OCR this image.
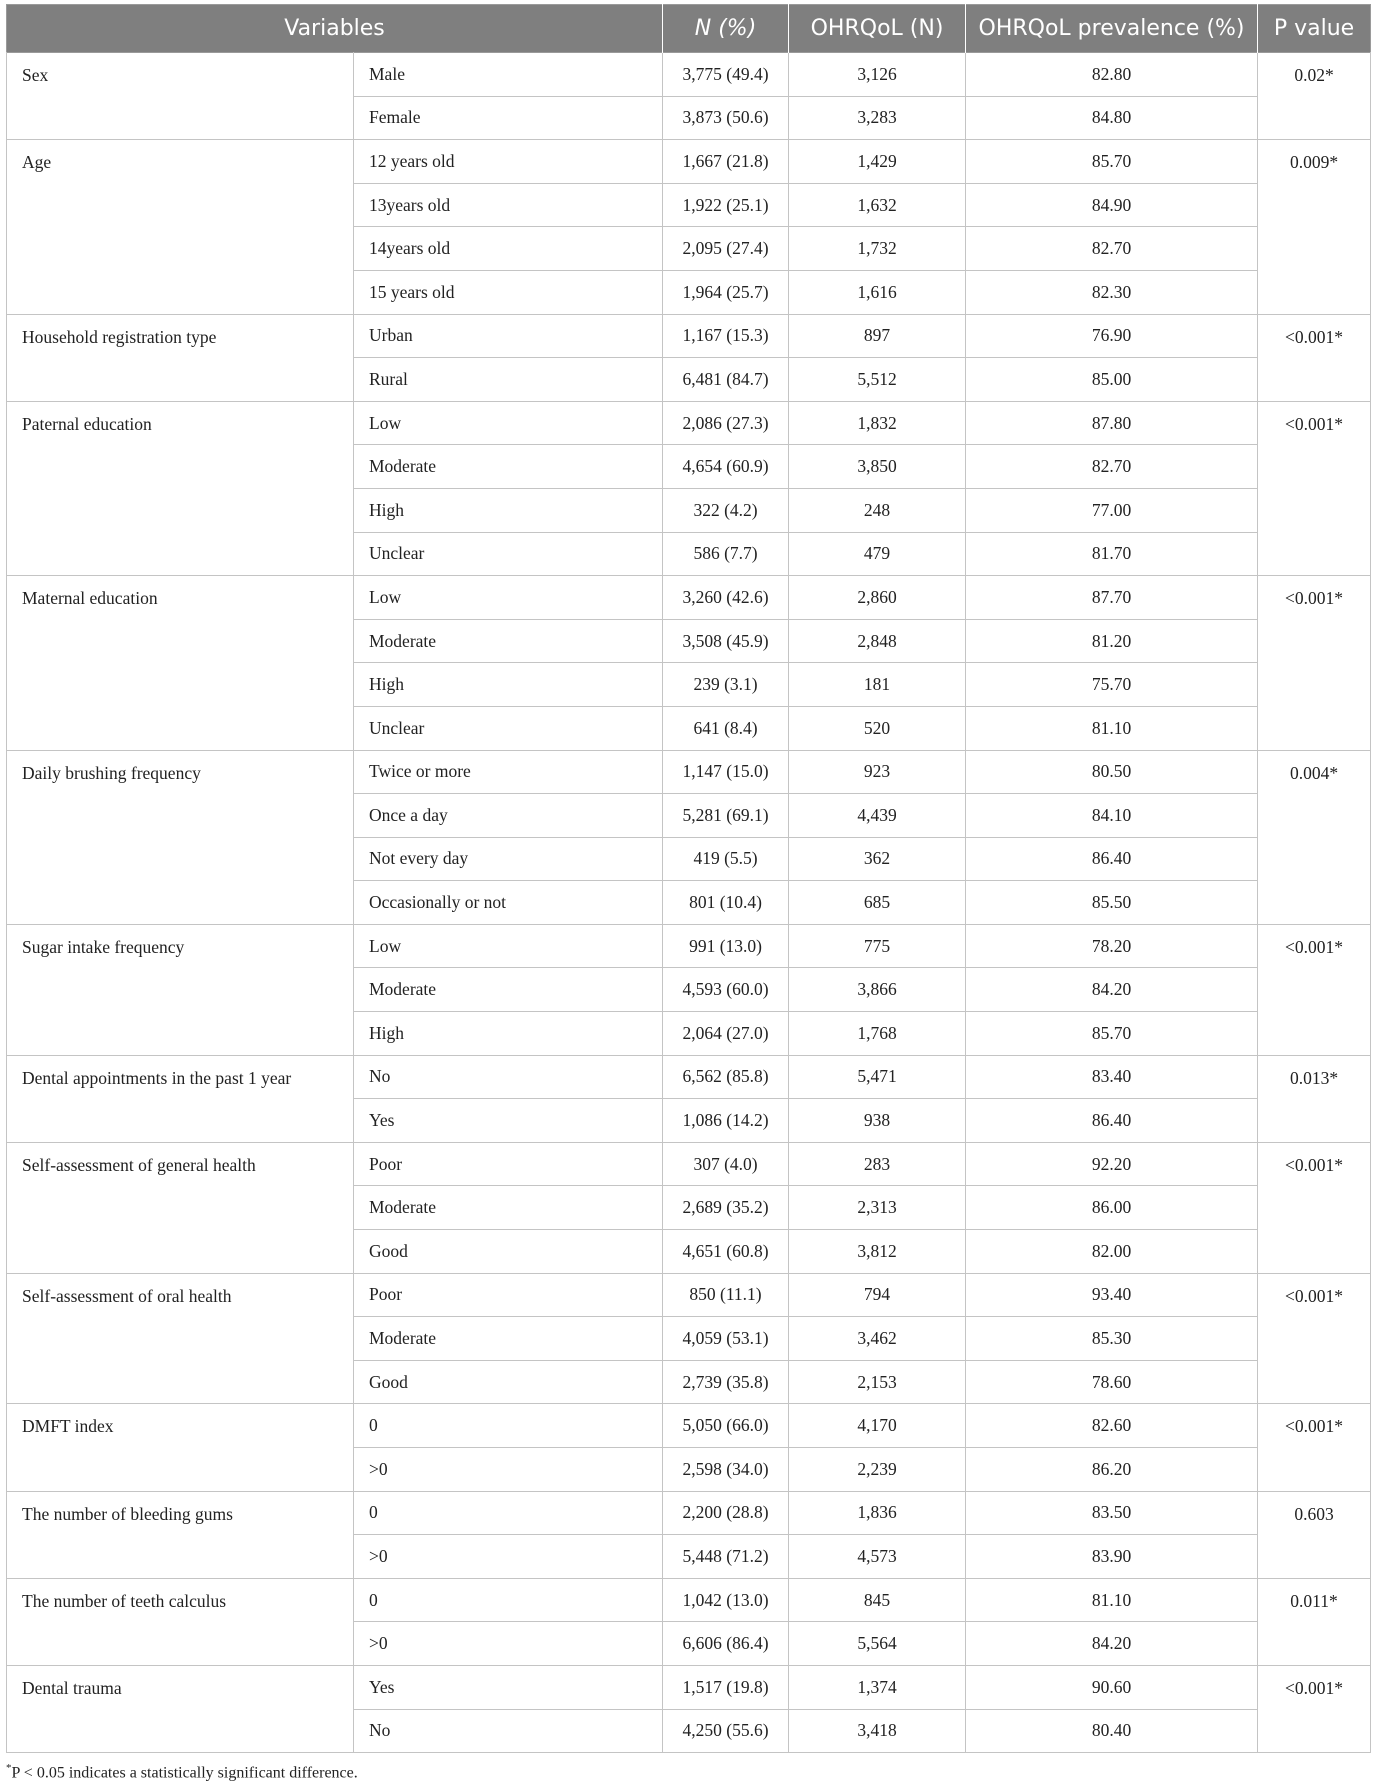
Variables		N (%)	OHRQoL (N)	OHRQoL prevalence (%)	P value
Sex	Male	3,775 (49.4)	3,126	82.80	0.02*
	Female	3,873 (50.6)	3,283	84.80	
Age	12 years old	1,667 (21.8)	1,429	85.70	0.009*
	13years old	1,922 (25.1)	1,632	84.90	
	14years old	2,095 (27.4)	1,732	82.70	
	15 years old	1,964 (25.7)	1,616	82.30	
Household registration type	Urban	1,167 (15.3)	897	76.90	<0.001*
	Rural	6,481 (84.7)	5,512	85.00	
Paternal education	Low	2,086 (27.3)	1,832	87.80	<0.001*
	Moderate	4,654 (60.9)	3,850	82.70	
	High	322 (4.2)	248	77.00	
	Unclear	586 (7.7)	479	81.70	
Maternal education	Low	3,260 (42.6)	2,860	87.70	<0.001*
	Moderate	3,508 (45.9)	2,848	81.20	
	High	239 (3.1)	181	75.70	
	Unclear	641 (8.4)	520	81.10	
Daily brushing frequency	Twice or more	1,147 (15.0)	923	80.50	0.004*
	Once a day	5,281 (69.1)	4,439	84.10	
	Not every day	419 (5.5)	362	86.40	
	Occasionally or not	801 (10.4)	685	85.50	
Sugar intake frequency	Low	991 (13.0)	775	78.20	<0.001*
	Moderate	4,593 (60.0)	3,866	84.20	
	High	2,064 (27.0)	1,768	85.70	
Dental appointments in the past 1 year	No	6,562 (85.8)	5,471	83.40	0.013*
	Yes	1,086 (14.2)	938	86.40	
Self-assessment of general health	Poor	307 (4.0)	283	92.20	<0.001*
	Moderate	2,689 (35.2)	2,313	86.00	
	Good	4,651 (60.8)	3,812	82.00	
Self-assessment of oral health	Poor	850 (11.1)	794	93.40	<0.001*
	Moderate	4,059 (53.1)	3,462	85.30	
	Good	2,739 (35.8)	2,153	78.60	
DMFT index	0	5,050 (66.0)	4,170	82.60	<0.001*
	>0	2,598 (34.0)	2,239	86.20	
The number of bleeding gums	0	2,200 (28.8)	1,836	83.50	0.603
	>0	5,448 (71.2)	4,573	83.90	
The number of teeth calculus	0	1,042 (13.0)	845	81.10	0.011*
	>0	6,606 (86.4)	5,564	84.20	
Dental trauma	Yes	1,517 (19.8)	1,374	90.60	<0.001*
	No	4,250 (55.6)	3,418	80.40	
*P < 0.05 indicates a statistically significant difference.
